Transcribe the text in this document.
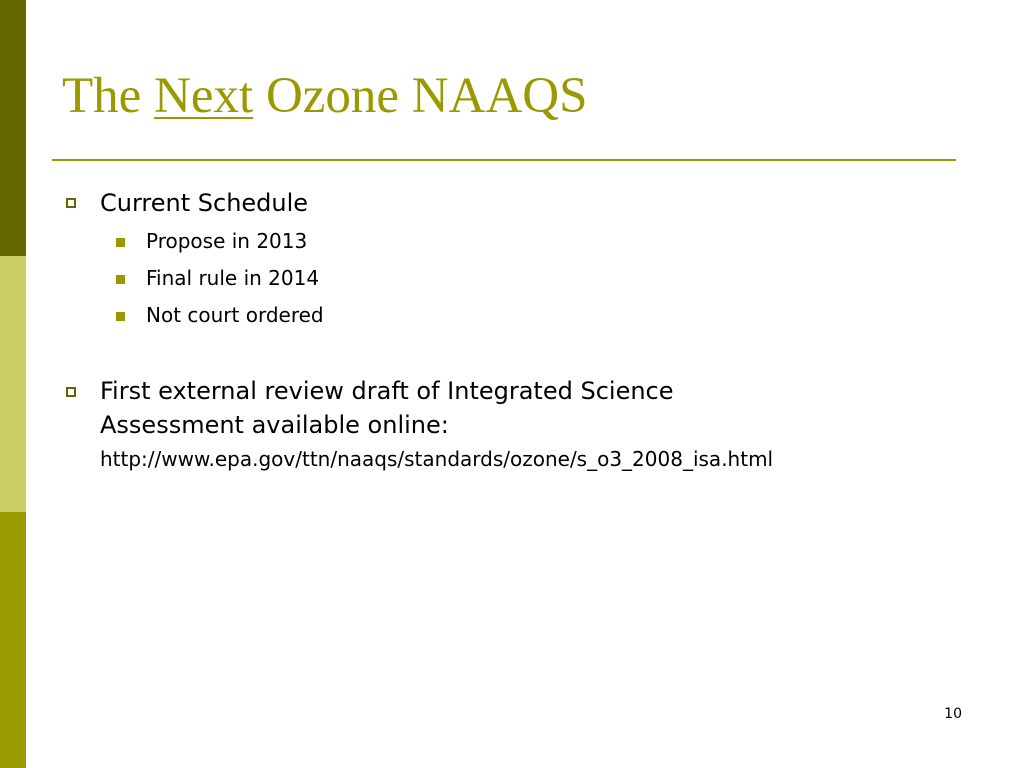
The Next Ozone NAAQS
Current Schedule
Propose in 2013
Final rule in 2014
Not court ordered
First external review draft of Integrated Science
Assessment available online:
http://www.epa.gov/ttn/naaqs/standards/ozone/s_o3_2008_isa.html
10
